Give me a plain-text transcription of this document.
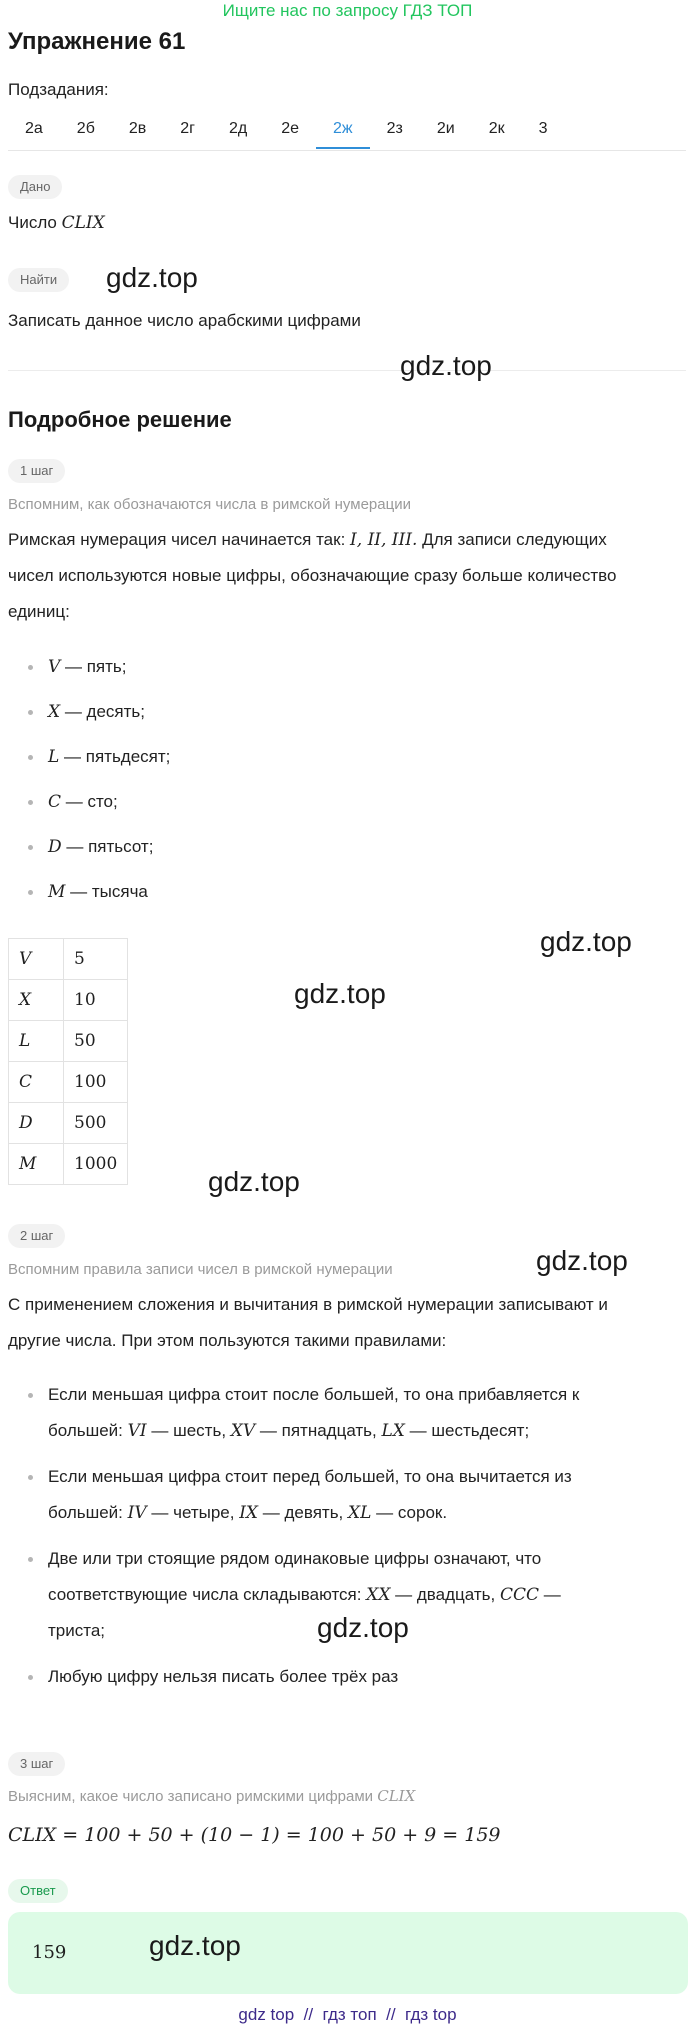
Ищите нас по запросу ГДЗ ТОП
Упражнение 61
Подзадания:
2а	2б	2в	2г	2д	2е	2ж	2з	2и	2к	3
Дано
Число CLIX
Найти
Записать данное число арабскими цифрами
Подробное решение
1 шаг
Вспомним, как обозначаются числа в римской нумерации
Римская нумерация чисел начинается так: I, II, III. Для записи следующих
чисел используются новые цифры, обозначающие сразу больше количество
единиц:
V — пять;
X — десять;
L — пятьдесят;
C — сто;
D — пятьсот;
M — тысяча
V	5
X	10
L	50
C	100
D	500
M	1000
2 шаг
Вспомним правила записи чисел в римской нумерации
С применением сложения и вычитания в римской нумерации записывают и
другие числа. При этом пользуются такими правилами:
Если меньшая цифра стоит после большей, то она прибавляется к
большей: VI — шесть, XV — пятнадцать, LX — шестьдесят;
Если меньшая цифра стоит перед большей, то она вычитается из
большей: IV — четыре, IX — девять, XL — сорок.
Две или три стоящие рядом одинаковые цифры означают, что
соответствующие числа складываются: XX — двадцать, CCC —
триста;
Любую цифру нельзя писать более трёх раз
3 шаг
Выясним, какое число записано римскими цифрами CLIX
CLIX = 100 + 50 + (10 − 1) = 100 + 50 + 9 = 159
Ответ
159
gdz.top
gdz.top
gdz.top
gdz.top
gdz.top
gdz.top
gdz.top
gdz.top
gdz top // гдз топ // гдз top
